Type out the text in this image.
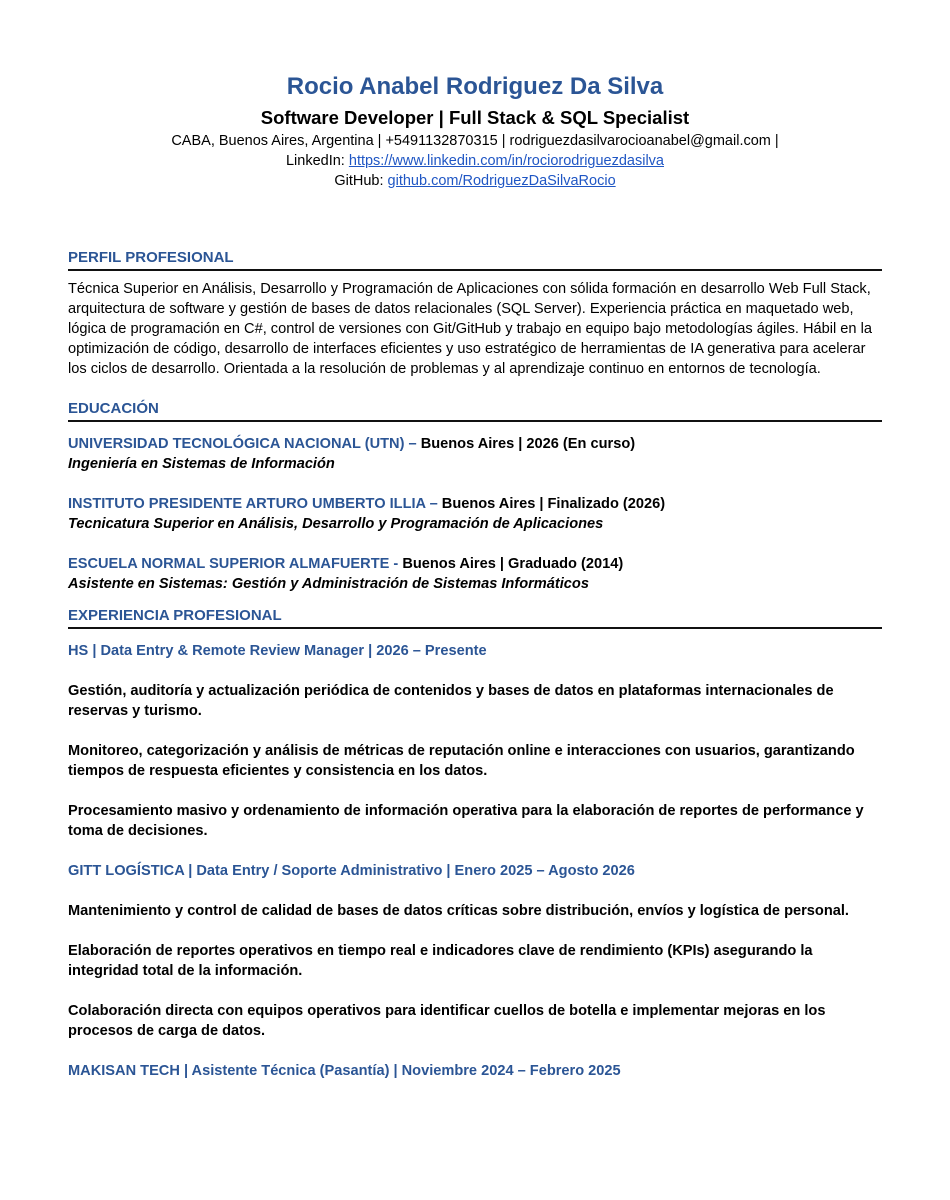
Rocio Anabel Rodriguez Da Silva
Software Developer | Full Stack & SQL Specialist
CABA, Buenos Aires, Argentina | +5491132870315 | rodriguezdasilvarocioanabel@gmail.com |
LinkedIn: https://www.linkedin.com/in/rociorodriguezdasilva
GitHub: github.com/RodriguezDaSilvaRocio
PERFIL PROFESIONAL
Técnica Superior en Análisis, Desarrollo y Programación de Aplicaciones con sólida formación en desarrollo Web Full Stack, arquitectura de software y gestión de bases de datos relacionales (SQL Server). Experiencia práctica en maquetado web, lógica de programación en C#, control de versiones con Git/GitHub y trabajo en equipo bajo metodologías ágiles. Hábil en la optimización de código, desarrollo de interfaces eficientes y uso estratégico de herramientas de IA generativa para acelerar los ciclos de desarrollo. Orientada a la resolución de problemas y al aprendizaje continuo en entornos de tecnología.
EDUCACIÓN
UNIVERSIDAD TECNOLÓGICA NACIONAL (UTN) – Buenos Aires | 2026 (En curso)
Ingeniería en Sistemas de Información
INSTITUTO PRESIDENTE ARTURO UMBERTO ILLIA – Buenos Aires | Finalizado (2026)
Tecnicatura Superior en Análisis, Desarrollo y Programación de Aplicaciones
ESCUELA NORMAL SUPERIOR ALMAFUERTE - Buenos Aires | Graduado (2014)
Asistente en Sistemas: Gestión y Administración de Sistemas Informáticos
EXPERIENCIA PROFESIONAL
HS | Data Entry & Remote Review Manager | 2026 – Presente
Gestión, auditoría y actualización periódica de contenidos y bases de datos en plataformas internacionales de reservas y turismo.
Monitoreo, categorización y análisis de métricas de reputación online e interacciones con usuarios, garantizando tiempos de respuesta eficientes y consistencia en los datos.
Procesamiento masivo y ordenamiento de información operativa para la elaboración de reportes de performance y toma de decisiones.
GITT LOGÍSTICA | Data Entry / Soporte Administrativo | Enero 2025 – Agosto 2026
Mantenimiento y control de calidad de bases de datos críticas sobre distribución, envíos y logística de personal.
Elaboración de reportes operativos en tiempo real e indicadores clave de rendimiento (KPIs) asegurando la integridad total de la información.
Colaboración directa con equipos operativos para identificar cuellos de botella e implementar mejoras en los procesos de carga de datos.
MAKISAN TECH | Asistente Técnica (Pasantía) | Noviembre 2024 – Febrero 2025
